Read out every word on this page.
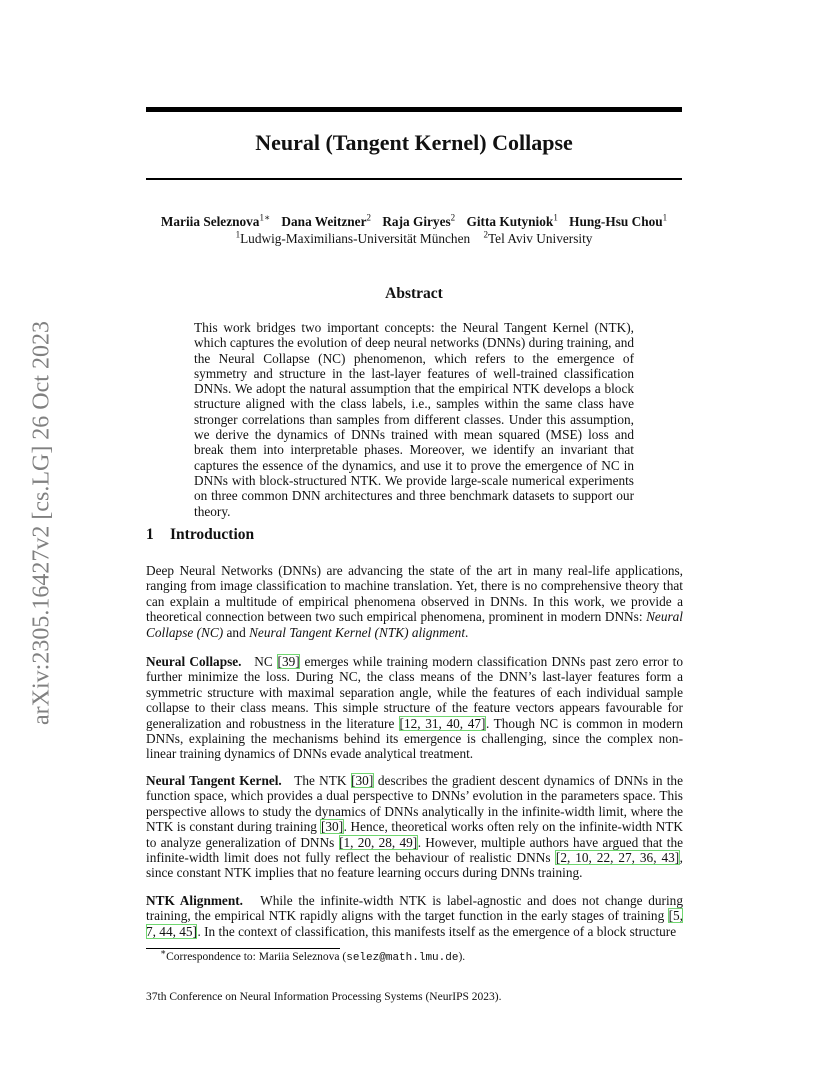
arXiv:2305.16427v2 [cs.LG] 26 Oct 2023
Neural (Tangent Kernel) Collapse
Mariia Seleznova$^{1∗}$ Dana Weitzner$^2$ Raja Giryes$^2$ Gitta Kutyniok$^1$ Hung-Hsu Chou$^1$
$^1$Ludwig-Maximilians-Universität München $^2$Tel Aviv University
Abstract

This work bridges two important concepts: the Neural Tangent Kernel (NTK), which captures the evolution of deep neural networks (DNNs) during training, and the Neural Collapse (NC) phenomenon, which refers to the emergence of symmetry and structure in the last-layer features of well-trained classification DNNs. We adopt the natural assumption that the empirical NTK develops a block structure aligned with the class labels, i.e., samples within the same class have stronger correlations than samples from different classes. Under this assumption, we derive the dynamics of DNNs trained with mean squared (MSE) loss and break them into interpretable phases. Moreover, we identify an invariant that captures the essence of the dynamics, and use it to prove the emergence of NC in DNNs with block-structured NTK. We provide large-scale numerical experiments on three common DNN architectures and three benchmark datasets to support our theory.

1 Introduction

Deep Neural Networks (DNNs) are advancing the state of the art in many real-life applications, ranging from image classification to machine translation. Yet, there is no comprehensive theory that can explain a multitude of empirical phenomena observed in DNNs. In this work, we provide a theoretical connection between two such empirical phenomena, prominent in modern DNNs: Neural Collapse (NC) and Neural Tangent Kernel (NTK) alignment.

Neural Collapse. NC [39] emerges while training modern classification DNNs past zero error to further minimize the loss. During NC, the class means of the DNN’s last-layer features form a symmetric structure with maximal separation angle, while the features of each individual sample collapse to their class means. This simple structure of the feature vectors appears favourable for generalization and robustness in the literature [12, 31, 40, 47]. Though NC is common in modern DNNs, explaining the mechanisms behind its emergence is challenging, since the complex non-linear training dynamics of DNNs evade analytical treatment.

Neural Tangent Kernel. The NTK [30] describes the gradient descent dynamics of DNNs in the function space, which provides a dual perspective to DNNs’ evolution in the parameters space. This perspective allows to study the dynamics of DNNs analytically in the infinite-width limit, where the NTK is constant during training [30]. Hence, theoretical works often rely on the infinite-width NTK to analyze generalization of DNNs [1, 20, 28, 49]. However, multiple authors have argued that the infinite-width limit does not fully reflect the behaviour of realistic DNNs [2, 10, 22, 27, 36, 43], since constant NTK implies that no feature learning occurs during DNNs training.

NTK Alignment. While the infinite-width NTK is label-agnostic and does not change during training, the empirical NTK rapidly aligns with the target function in the early stages of training [5, 7, 44, 45]. In the context of classification, this manifests itself as the emergence of a block structure

∗Correspondence to: Mariia Seleznova (selez@math.lmu.de).
37th Conference on Neural Information Processing Systems (NeurIPS 2023).
